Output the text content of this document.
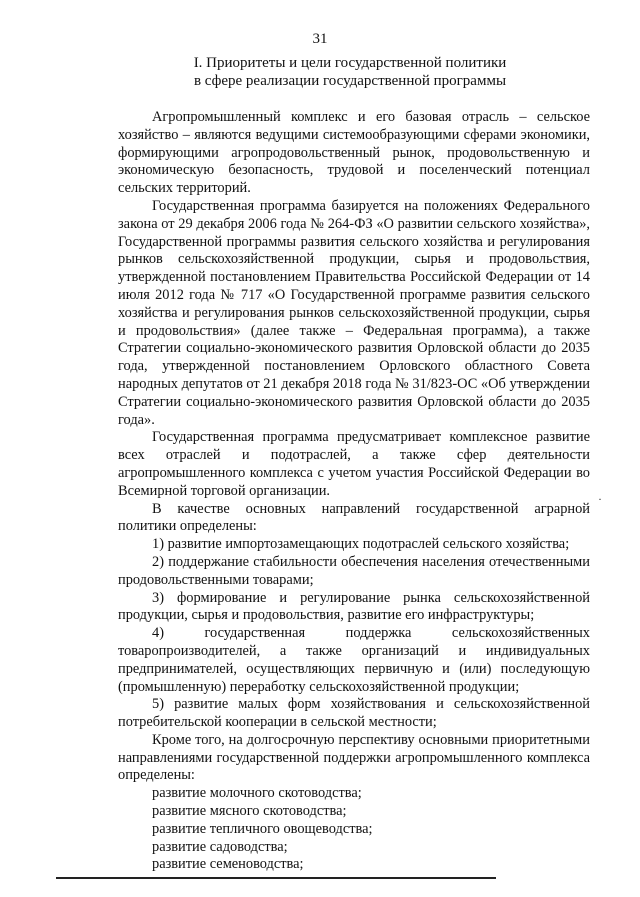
31
I. Приоритеты и цели государственной политики
в сфере реализации государственной программы

Агропромышленный комплекс и его базовая отрасль – сельское хозяйство – являются ведущими системообразующими сферами экономики, формирующими агропродовольственный рынок, продовольственную и экономическую безопасность, трудовой и поселенческий потенциал сельских территорий.

Государственная программа базируется на положениях Федерального закона от 29 декабря 2006 года № 264-ФЗ «О развитии сельского хозяйства», Государственной программы развития сельского хозяйства и регулирования рынков сельскохозяйственной продукции, сырья и продовольствия, утвержденной постановлением Правительства Российской Федерации от 14 июля 2012 года № 717 «О Государственной программе развития сельского хозяйства и регулирования рынков сельскохозяйственной продукции, сырья и продовольствия» (далее также – Федеральная программа), а также Стратегии социально-экономического развития Орловской области до 2035 года, утвержденной постановлением Орловского областного Совета народных депутатов от 21 декабря 2018 года № 31/823-ОС «Об утверждении Стратегии социально-экономического развития Орловской области до 2035 года».

Государственная программа предусматривает комплексное развитие всех отраслей и подотраслей, а также сфер деятельности агропромышленного комплекса с учетом участия Российской Федерации во Всемирной торговой организации.

В качестве основных направлений государственной аграрной политики определены:

1) развитие импортозамещающих подотраслей сельского хозяйства;

2) поддержание стабильности обеспечения населения отечественными продовольственными товарами;

3) формирование и регулирование рынка сельскохозяйственной продукции, сырья и продовольствия, развитие его инфраструктуры;

4) государственная поддержка сельскохозяйственных товаропроизводителей, а также организаций и индивидуальных предпринимателей, осуществляющих первичную и (или) последующую (промышленную) переработку сельскохозяйственной продукции;

5) развитие малых форм хозяйствования и сельскохозяйственной потребительской кооперации в сельской местности;

Кроме того, на долгосрочную перспективу основными приоритетными направлениями государственной поддержки агропромышленного комплекса определены:

развитие молочного скотоводства;

развитие мясного скотоводства;

развитие тепличного овощеводства;

развитие садоводства;

развитие семеноводства;

·
